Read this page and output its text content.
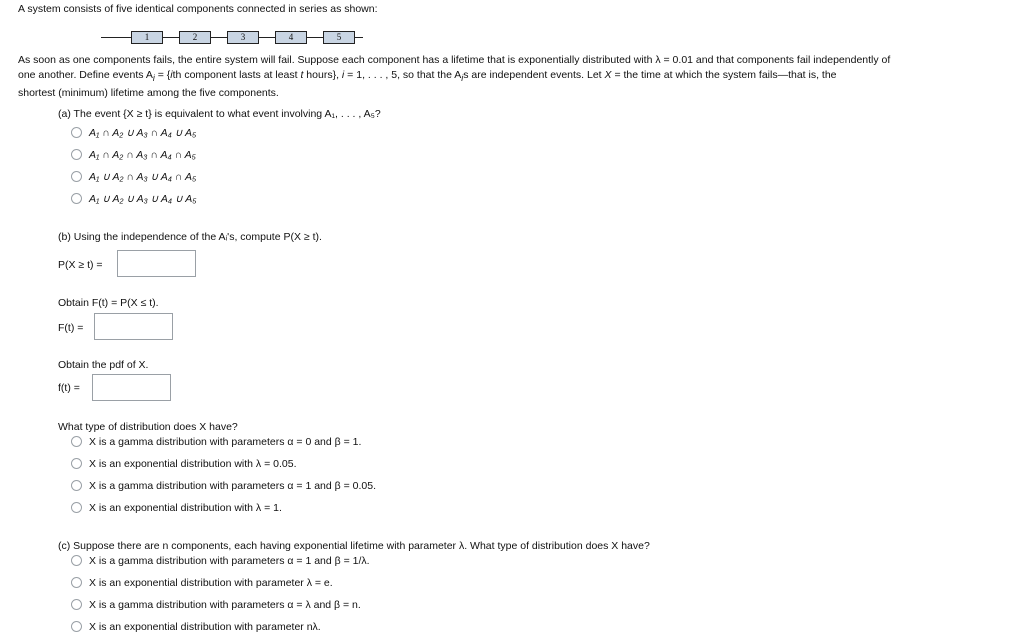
A system consists of five identical components connected in series as shown:
1	2	3	4	5
As soon as one components fails, the entire system will fail. Suppose each component has a lifetime that is exponentially distributed with λ = 0.01 and that components fail independently of
one another. Define events $A_i = \{ith$ component lasts at least t hours}, i = 1, . . . , 5, so that the $A_is$ are independent events. Let X = the time at which the system fails—that is, the
shortest (minimum) lifetime among the five components.
(a) The event {X ≥ t} is equivalent to what event involving A₁, . . . , A₅?
A₁ ∩ A₂ ∪ A₃ ∩ A₄ ∪ A₅
A₁ ∩ A₂ ∩ A₃ ∩ A₄ ∩ A₅
A₁ ∪ A₂ ∩ A₃ ∪ A₄ ∩ A₅
A₁ ∪ A₂ ∪ A₃ ∪ A₄ ∪ A₅
(b) Using the independence of the Aᵢ's, compute P(X ≥ t).
P(X ≥ t) =
Obtain F(t) = P(X ≤ t).
F(t) =
Obtain the pdf of X.
f(t) =
What type of distribution does X have?
X is a gamma distribution with parameters α = 0 and β = 1.
X is an exponential distribution with λ = 0.05.
X is a gamma distribution with parameters α = 1 and β = 0.05.
X is an exponential distribution with λ = 1.
(c) Suppose there are n components, each having exponential lifetime with parameter λ. What type of distribution does X have?
X is a gamma distribution with parameters α = 1 and β = 1/λ.
X is an exponential distribution with parameter λ = e.
X is a gamma distribution with parameters α = λ and β = n.
X is an exponential distribution with parameter nλ.
